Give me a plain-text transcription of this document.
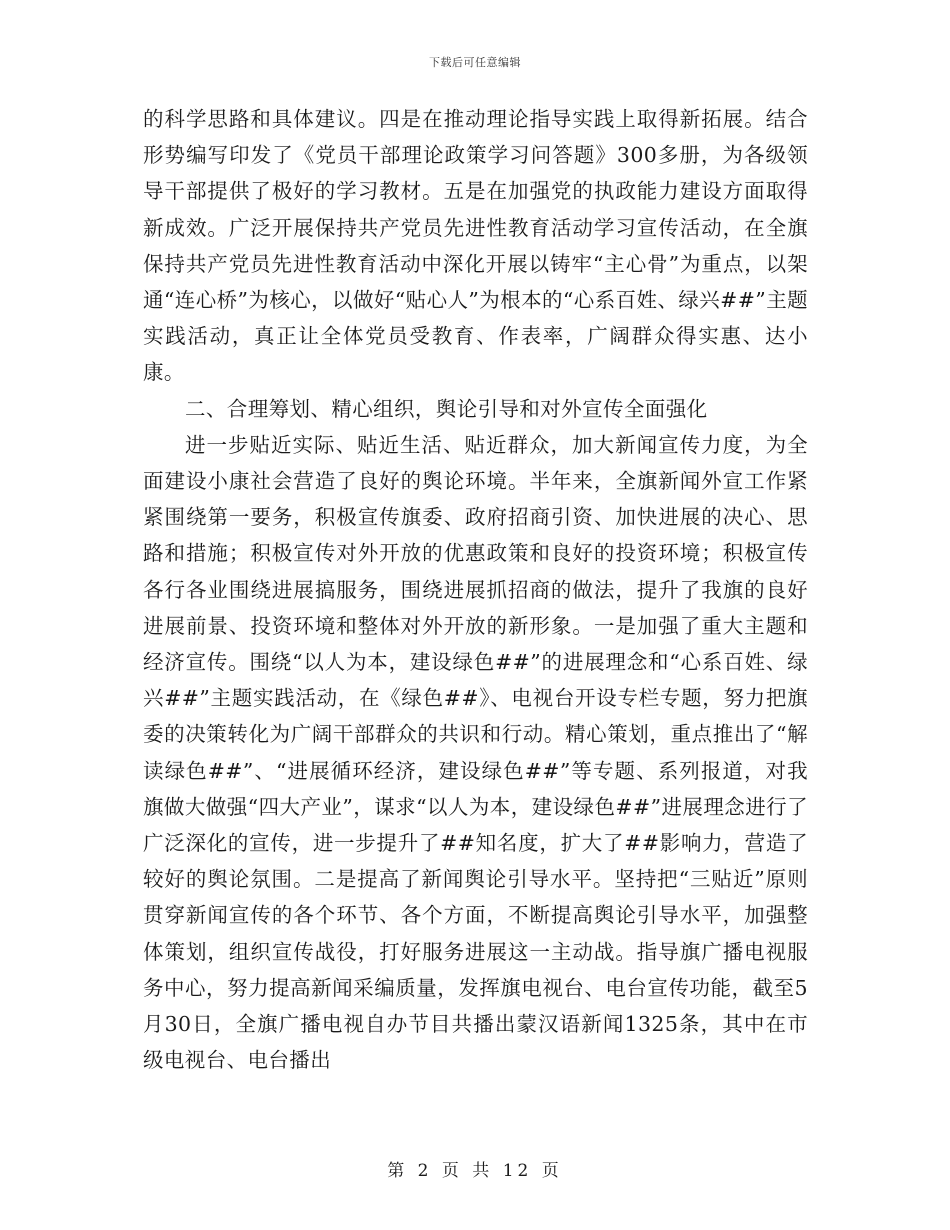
下载后可任意编辑

的科学思路和具体建议。四是在推动理论指导实践上取得新拓展。结合形势编写印发了《党员干部理论政策学习问答题》300多册，为各级领导干部提供了极好的学习教材。五是在加强党的执政能力建设方面取得新成效。广泛开展保持共产党员先进性教育活动学习宣传活动，在全旗保持共产党员先进性教育活动中深化开展以铸牢“主心骨”为重点，以架通“连心桥”为核心，以做好“贴心人”为根本的“心系百姓、绿兴##”主题实践活动，真正让全体党员受教育、作表率，广阔群众得实惠、达小康。

二、合理筹划、精心组织，舆论引导和对外宣传全面强化

进一步贴近实际、贴近生活、贴近群众，加大新闻宣传力度，为全面建设小康社会营造了良好的舆论环境。半年来，全旗新闻外宣工作紧紧围绕第一要务，积极宣传旗委、政府招商引资、加快进展的决心、思路和措施；积极宣传对外开放的优惠政策和良好的投资环境；积极宣传各行各业围绕进展搞服务，围绕进展抓招商的做法，提升了我旗的良好进展前景、投资环境和整体对外开放的新形象。一是加强了重大主题和经济宣传。围绕“以人为本，建设绿色##”的进展理念和“心系百姓、绿兴##”主题实践活动，在《绿色##》、电视台开设专栏专题，努力把旗委的决策转化为广阔干部群众的共识和行动。精心策划，重点推出了“解读绿色##”、“进展循环经济，建设绿色##”等专题、系列报道，对我旗做大做强“四大产业”，谋求“以人为本，建设绿色##”进展理念进行了广泛深化的宣传，进一步提升了##知名度，扩大了##影响力，营造了较好的舆论氛围。二是提高了新闻舆论引导水平。坚持把“三贴近”原则贯穿新闻宣传的各个环节、各个方面，不断提高舆论引导水平，加强整体策划，组织宣传战役，打好服务进展这一主动战。指导旗广播电视服务中心，努力提高新闻采编质量，发挥旗电视台、电台宣传功能，截至5月30日，全旗广播电视自办节目共播出蒙汉语新闻1325条，其中在市级电视台、电台播出

第 2 页 共 12 页
